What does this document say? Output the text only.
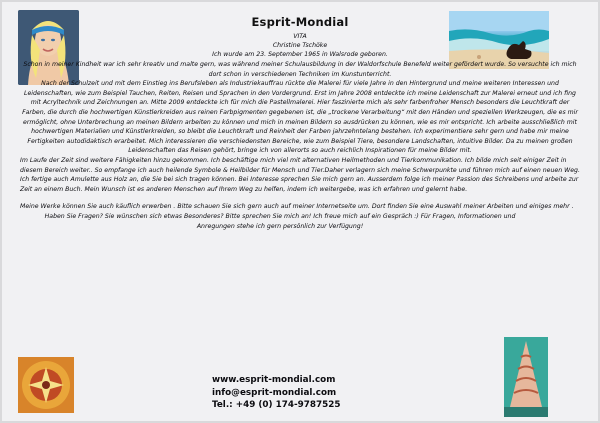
Esprit-Mondial
VITA
Christine Tschöke
Ich wurde am 23. September 1965 in Walsrode geboren.

Schon in meiner Kindheit war ich sehr kreativ und malte gern, was während meiner Schulausbildung in der Waldorfschule Benefeld weiter gefördert wurde. So versuchte ich mich dort schon in verschiedenen Techniken im Kunstunterricht.

Nach der Schulzeit und mit dem Einstieg ins Berufsleben als Industriekauffrau rückte die Malerei für viele Jahre in den Hintergrund und meine weiteren Interessen und Leidenschaften, wie zum Beispiel Tauchen, Reiten, Reisen und Sprachen in den Vordergrund. Erst im Jahre 2008 entdeckte ich meine Leidenschaft zur Malerei erneut und ich fing mit Acryltechnik und Zeichnungen an. Mitte 2009 entdeckte ich für mich die Pastellmalerei. Hier faszinierte mich als sehr farbenfroher Mensch besonders die Leuchtkraft der Farben, die durch die hochwertigen Künstlerkreiden aus reinen Farbpigmenten gegebenen ist, die „trockene Verarbeitung“ mit den Händen und speziellen Werkzeugen, die es mir ermöglicht, ohne Unterbrechung an meinen Bildern arbeiten zu können und mich in meinen Bildern so ausdrücken zu können, wie es mir entspricht. Ich arbeite ausschließlich mit hochwertigen Materialien und Künstlerkreiden, so bleibt die Leuchtkraft und Reinheit der Farben jahrzehntelang bestehen. Ich experimentiere sehr gern und habe mir meine Fertigkeiten autodidaktisch erarbeitet. Mich interessieren die verschiedensten Bereiche, wie zum Beispiel Tiere, besondere Landschaften, intuitive Bilder. Da zu meinen großen Leidenschaften das Reisen gehört, bringe ich von allerorts so auch reichlich Inspirationen für meine Bilder mit.

Im Laufe der Zeit sind weitere Fähigkeiten hinzu gekommen. Ich beschäftige mich viel mit alternativen Heilmethoden und Tierkommunikation. Ich bilde mich seit einiger Zeit in diesem Bereich weiter.. So empfange ich auch heilende Symbole & Heilbilder für Mensch und Tier.Daher verlagern sich meine Schwerpunkte und führen mich auf einen neuen Weg. Ich fertige auch Amulette aus Holz an, die Sie bei sich tragen können. Bei Interesse sprechen Sie mich gern an. Ausserdem folge ich meiner Passion des Schreibens und arbeite zur Zeit an einem Buch. Mein Wunsch ist es anderen Menschen auf Ihrem Weg zu helfen, indem ich weitergebe, was ich erfahren und gelernt habe.

Meine Werke können Sie auch käuflich erwerben . Bitte schauen Sie sich gern auch auf meiner Internetseite um. Dort finden Sie eine Auswahl meiner Arbeiten und einiges mehr .

Haben Sie Fragen? Sie wünschen sich etwas Besonderes? Bitte sprechen Sie mich an! Ich freue mich auf ein Gespräch :) Für Fragen, Informationen und Anregungen stehe ich gern persönlich zur Verfügung!

www.esprit-mondial.com
info@esprit-mondial.com
Tel.: +49 (0) 174-9787525
